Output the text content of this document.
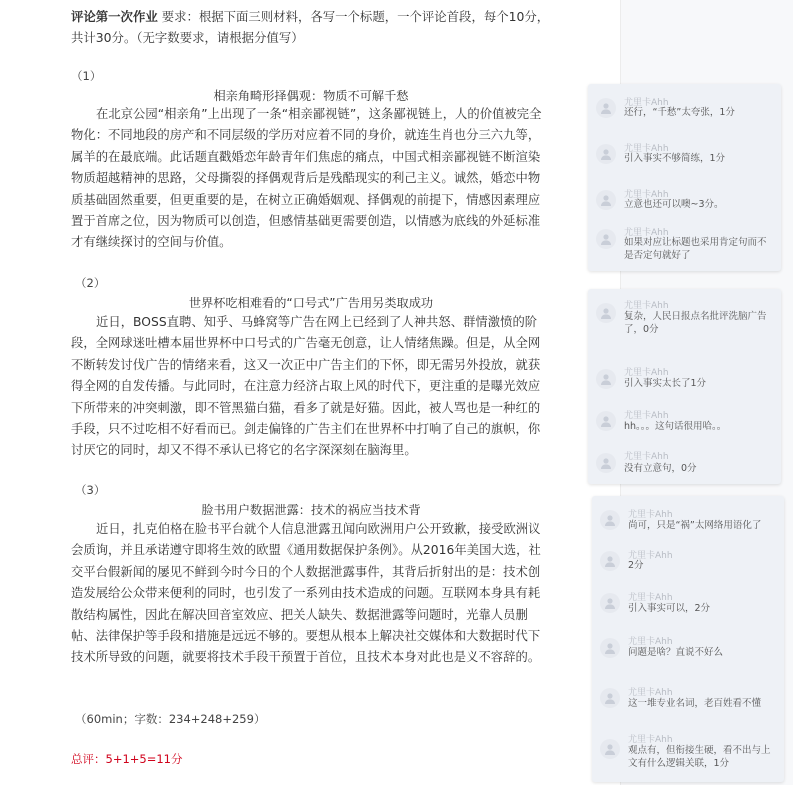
评论第一次作业 要求：根据下面三则材料，各写一个标题，一个评论首段，每个10分，
共计30分。（无字数要求，请根据分值写）
（1）
相亲角畸形择偶观：物质不可解千愁

在北京公园“相亲角”上出现了一条“相亲鄙视链”，这条鄙视链上，人的价值被完全物化：不同地段的房产和不同层级的学历对应着不同的身价，就连生肖也分三六九等，属羊的在最底端。此话题直戳婚恋年龄青年们焦虑的痛点，中国式相亲鄙视链不断渲染物质超越精神的思路，父母撕裂的择偶观背后是残酷现实的利己主义。诚然，婚恋中物质基础固然重要，但更重要的是，在树立正确婚姻观、择偶观的前提下，情感因素理应置于首席之位，因为物质可以创造，但感情基础更需要创造，以情感为底线的外延标准才有继续探讨的空间与价值。

（2）
世界杯吃相难看的“口号式”广告用另类取成功

近日，BOSS直聘、知乎、马蜂窝等广告在网上已经到了人神共怒、群情激愤的阶段，全网球迷吐槽本届世界杯中口号式的广告毫无创意，让人情绪焦躁。但是，从全网不断转发讨伐广告的情绪来看，这又一次正中广告主们的下怀，即无需另外投放，就获得全网的自发传播。与此同时，在注意力经济占取上风的时代下，更注重的是曝光效应下所带来的冲突刺激，即不管黑猫白猫，看多了就是好猫。因此，被人骂也是一种红的手段，只不过吃相不好看而已。剑走偏锋的广告主们在世界杯中打响了自己的旗帜，你讨厌它的同时，却又不得不承认已将它的名字深深刻在脑海里。

（3）
脸书用户数据泄露：技术的祸应当技术背

近日，扎克伯格在脸书平台就个人信息泄露丑闻向欧洲用户公开致歉，接受欧洲议会质询，并且承诺遵守即将生效的欧盟《通用数据保护条例》。从2016年美国大选，社交平台假新闻的屡见不鲜到今时今日的个人数据泄露事件，其背后折射出的是：技术创造发展给公众带来便利的同时，也引发了一系列由技术造成的问题。互联网本身具有耗散结构属性，因此在解决回音室效应、把关人缺失、数据泄露等问题时，光靠人员删帖、法律保护等手段和措施是远远不够的。要想从根本上解决社交媒体和大数据时代下技术所导致的问题，就要将技术手段干预置于首位，且技术本身对此也是义不容辞的。

（60min；字数：234+248+259）
总评：5+1+5=11分
尤里卡Ahh
还行，“千愁”太夸张，1分
尤里卡Ahh
引入事实不够简练，1分
尤里卡Ahh
立意也还可以噢~3分。
尤里卡Ahh
如果对应让标题也采用肯定句而不是否定句就好了
尤里卡Ahh
复杂，人民日报点名批评洗脑广告了，0分
尤里卡Ahh
引入事实太长了1分
尤里卡Ahh
hh。。。这句话很用哈。。
尤里卡Ahh
没有立意句，0分
尤里卡Ahh
尚可，只是“祸”太网络用语化了
尤里卡Ahh
2分
尤里卡Ahh
引入事实可以，2分
尤里卡Ahh
问题是啥？直说不好么
尤里卡Ahh
这一堆专业名词，老百姓看不懂
尤里卡Ahh
观点有，但衔接生硬，看不出与上文有什么逻辑关联，1分
